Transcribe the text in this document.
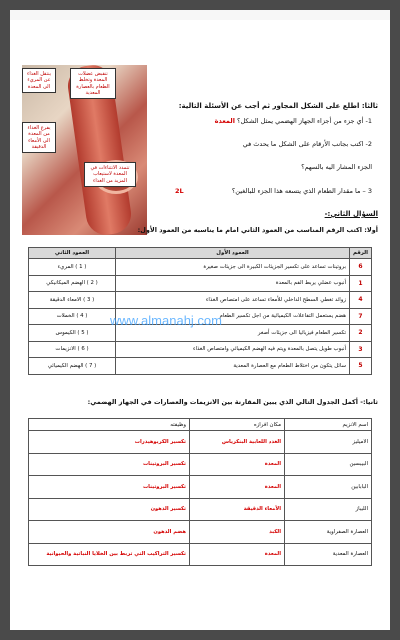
ينتقل الغذاء عن المريء الى المعدة
تنقبض عضلات المعدة وتخلط الطعام بالعصارة المعدية
يفرغ الغذاء من المعدة الى الأمعاء الدقيقة
تتمدد الانثناءات في المعدة لاستيعاب المزيد من الغذاء
ثالثا: اطلع على الشكل المجاور ثم أجب عن الأسئلة التالية:
1- أي جزء من أجزاء الجهاز الهضمي يمثل الشكل؟ المعدة
2- اكتب بجانب الأرقام على الشكل ما يحدث في
الجزء المشار اليه بالسهم؟
3 – ما مقدار الطعام الذي يتسعه هذا الجزء للبالغين؟
2L
السؤال الثاني:-
أولا: اكتب الرقم المناسب من العمود الثاني امام ما يناسبه من العمود الأول:
الرقم	العمود الأول	العمود الثاني
6	بروتينات تساعد على تكسير الجزيئات الكبيرة الى جزيئات صغيرة	( 1 ) المريء
1	أنبوب عضلي يربط الفم بالمعدة	( 2 ) الهضم الميكانيكي
4	زوائد تغطي السطح الداخلي للأمعاء تساعد على امتصاص الغذاء	( 3 ) الامعاء الدقيقة
7	هضم يستعمل التفاعلات الكيميائية من اجل تكسير الطعام	( 4 ) الخملات
2	تكسير الطعام فيزيائيا الى جزيئات أصغر	( 5 ) الكيموس
3	أنبوب طويل يتصل بالمعدة ويتم فيه الهضم الكيميائي وامتصاص الغذاء	( 6 ) الانزيمات
5	سائل يتكون من اختلاط الطعام مع العصارة المعدية	( 7 ) الهضم الكيميائي
www.almanahj.com
ثانيا:- أكمل الجدول التالي الذي يبين المقارنة بين الانزيمات والعصارات في الجهاز الهضمي:
اسم الانزيم	مكان افرازه	وظيفته
الاميليز	الغدد اللعابية البنكرياس	تكسير الكربوهيدرات
البيبسين	المعدة	تكسير البروتينات
البابابين	المعدة	تكسير البروتينات
الليباز	الأمعاء الدقيقة	تكسير الدهون
العصارة الصفراوية	الكبد	هضم الدهون
العصارة المعدية	المعدة	تكسير التراكيب التي تربط بين الخلايا النباتية والحيوانية
